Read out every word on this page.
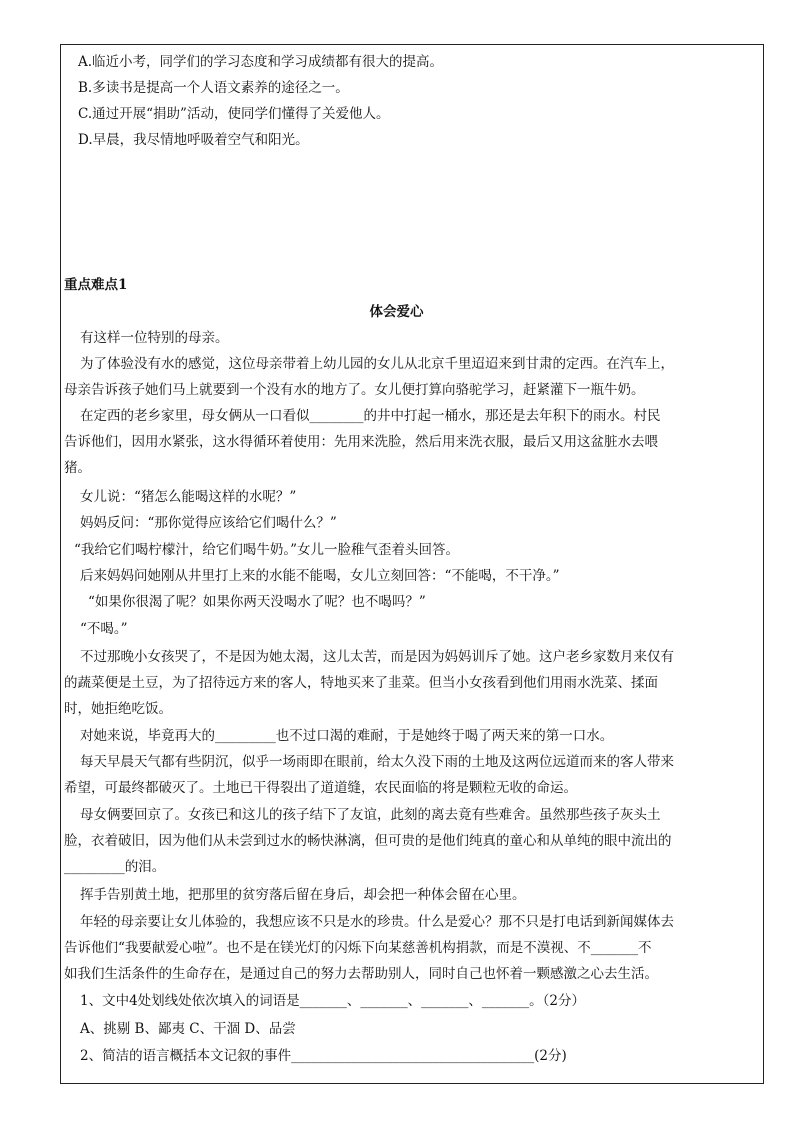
A.临近小考，同学们的学习态度和学习成绩都有很大的提高。
B.多读书是提高一个人语文素养的途径之一。
C.通过开展“捐助”活动，使同学们懂得了关爱他人。
D.早晨，我尽情地呼吸着空气和阳光。
重点难点1
体会爱心
有这样一位特别的母亲。
为了体验没有水的感觉，这位母亲带着上幼儿园的女儿从北京千里迢迢来到甘肃的定西。在汽车上，
母亲告诉孩子她们马上就要到一个没有水的地方了。女儿便打算向骆驼学习，赶紧灌下一瓶牛奶。
在定西的老乡家里，母女俩从一口看似________的井中打起一桶水，那还是去年积下的雨水。村民
告诉他们，因用水紧张，这水得循环着使用：先用来洗脸，然后用来洗衣服，最后又用这盆脏水去喂
猪。
女儿说：“猪怎么能喝这样的水呢？”
妈妈反问：“那你觉得应该给它们喝什么？”
“我给它们喝柠檬汁，给它们喝牛奶。”女儿一脸稚气歪着头回答。
后来妈妈问她刚从井里打上来的水能不能喝，女儿立刻回答：“不能喝，不干净。”
“如果你很渴了呢？如果你两天没喝水了呢？也不喝吗？”
“不喝。”
不过那晚小女孩哭了，不是因为她太渴，这儿太苦，而是因为妈妈训斥了她。这户老乡家数月来仅有
的蔬菜便是土豆，为了招待远方来的客人，特地买来了韭菜。但当小女孩看到他们用雨水洗菜、揉面
时，她拒绝吃饭。
对她来说，毕竟再大的_________也不过口渴的难耐，于是她终于喝了两天来的第一口水。
每天早晨天气都有些阴沉，似乎一场雨即在眼前，给太久没下雨的土地及这两位远道而来的客人带来
希望，可最终都破灭了。土地已干得裂出了道道缝，农民面临的将是颗粒无收的命运。
母女俩要回京了。女孩已和这儿的孩子结下了友谊，此刻的离去竟有些难舍。虽然那些孩子灰头土
脸，衣着破旧，因为他们从未尝到过水的畅快淋漓，但可贵的是他们纯真的童心和从单纯的眼中流出的
_________的泪。
挥手告别黄土地，把那里的贫穷落后留在身后，却会把一种体会留在心里。
年轻的母亲要让女儿体验的，我想应该不只是水的珍贵。什么是爱心？那不只是打电话到新闻媒体去
告诉他们“我要献爱心啦”。也不是在镁光灯的闪烁下向某慈善机构捐款，而是不漠视、不_______不
如我们生活条件的生命存在，是通过自己的努力去帮助别人，同时自己也怀着一颗感激之心去生活。
1、文中4处划线处依次填入的词语是_______、_______、_______、_______。（2分）
A、挑剔 B、鄙夷 C、干涸 D、品尝
2、简洁的语言概括本文记叙的事件____________________________________(2分)
